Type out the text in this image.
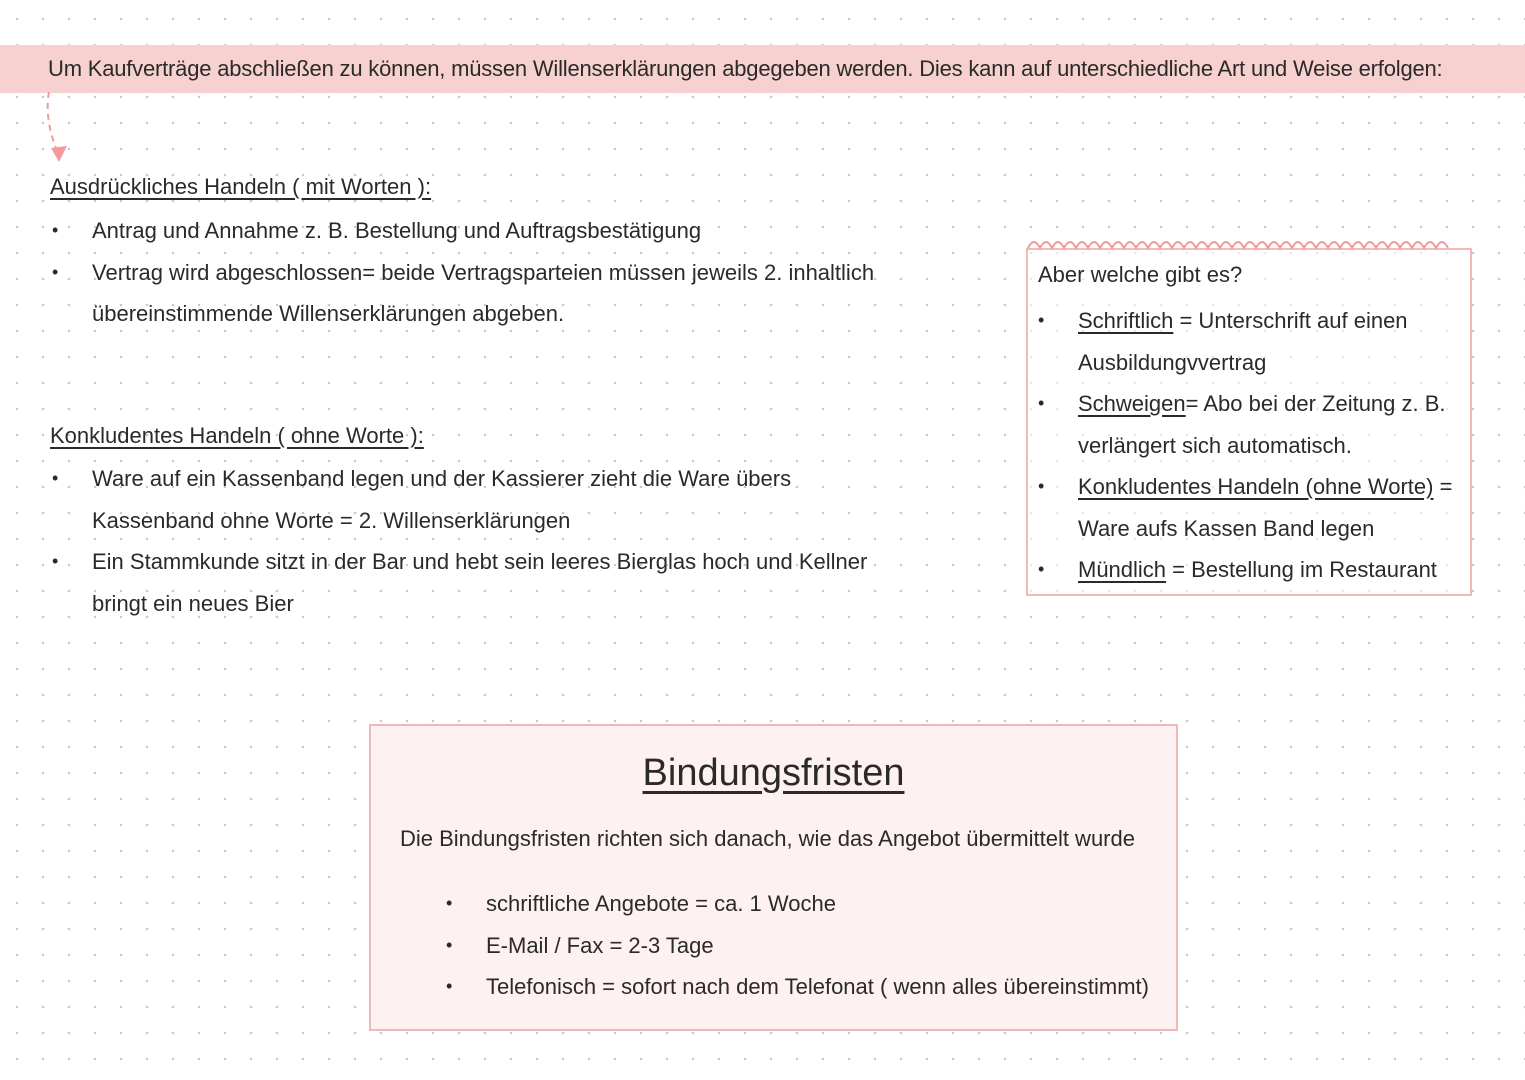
Um Kaufverträge abschließen zu können, müssen Willenserklärungen abgegeben werden. Dies kann auf unterschiedliche Art und Weise erfolgen:
Ausdrückliches Handeln ( mit Worten ):
• Antrag und Annahme z. B. Bestellung und Auftragsbestätigung
• Vertrag wird abgeschlossen= beide Vertragsparteien müssen jeweils 2. inhaltlich übereinstimmende Willenserklärungen abgeben.
Konkludentes Handeln ( ohne Worte ):
• Ware auf ein Kassenband legen und der Kassierer zieht die Ware übers Kassenband ohne Worte = 2. Willenserklärungen
• Ein Stammkunde sitzt in der Bar und hebt sein leeres Bierglas hoch und Kellner bringt ein neues Bier
Aber welche gibt es?
• Schriftlich = Unterschrift auf einen Ausbildungvvertrag
• Schweigen= Abo bei der Zeitung z. B. verlängert sich automatisch.
• Konkludentes Handeln (ohne Worte) = Ware aufs Kassen Band legen
• Mündlich = Bestellung im Restaurant
Bindungsfristen
Die Bindungsfristen richten sich danach, wie das Angebot übermittelt wurde
• schriftliche Angebote = ca. 1 Woche
• E-Mail / Fax = 2-3 Tage
• Telefonisch = sofort nach dem Telefonat ( wenn alles übereinstimmt)
